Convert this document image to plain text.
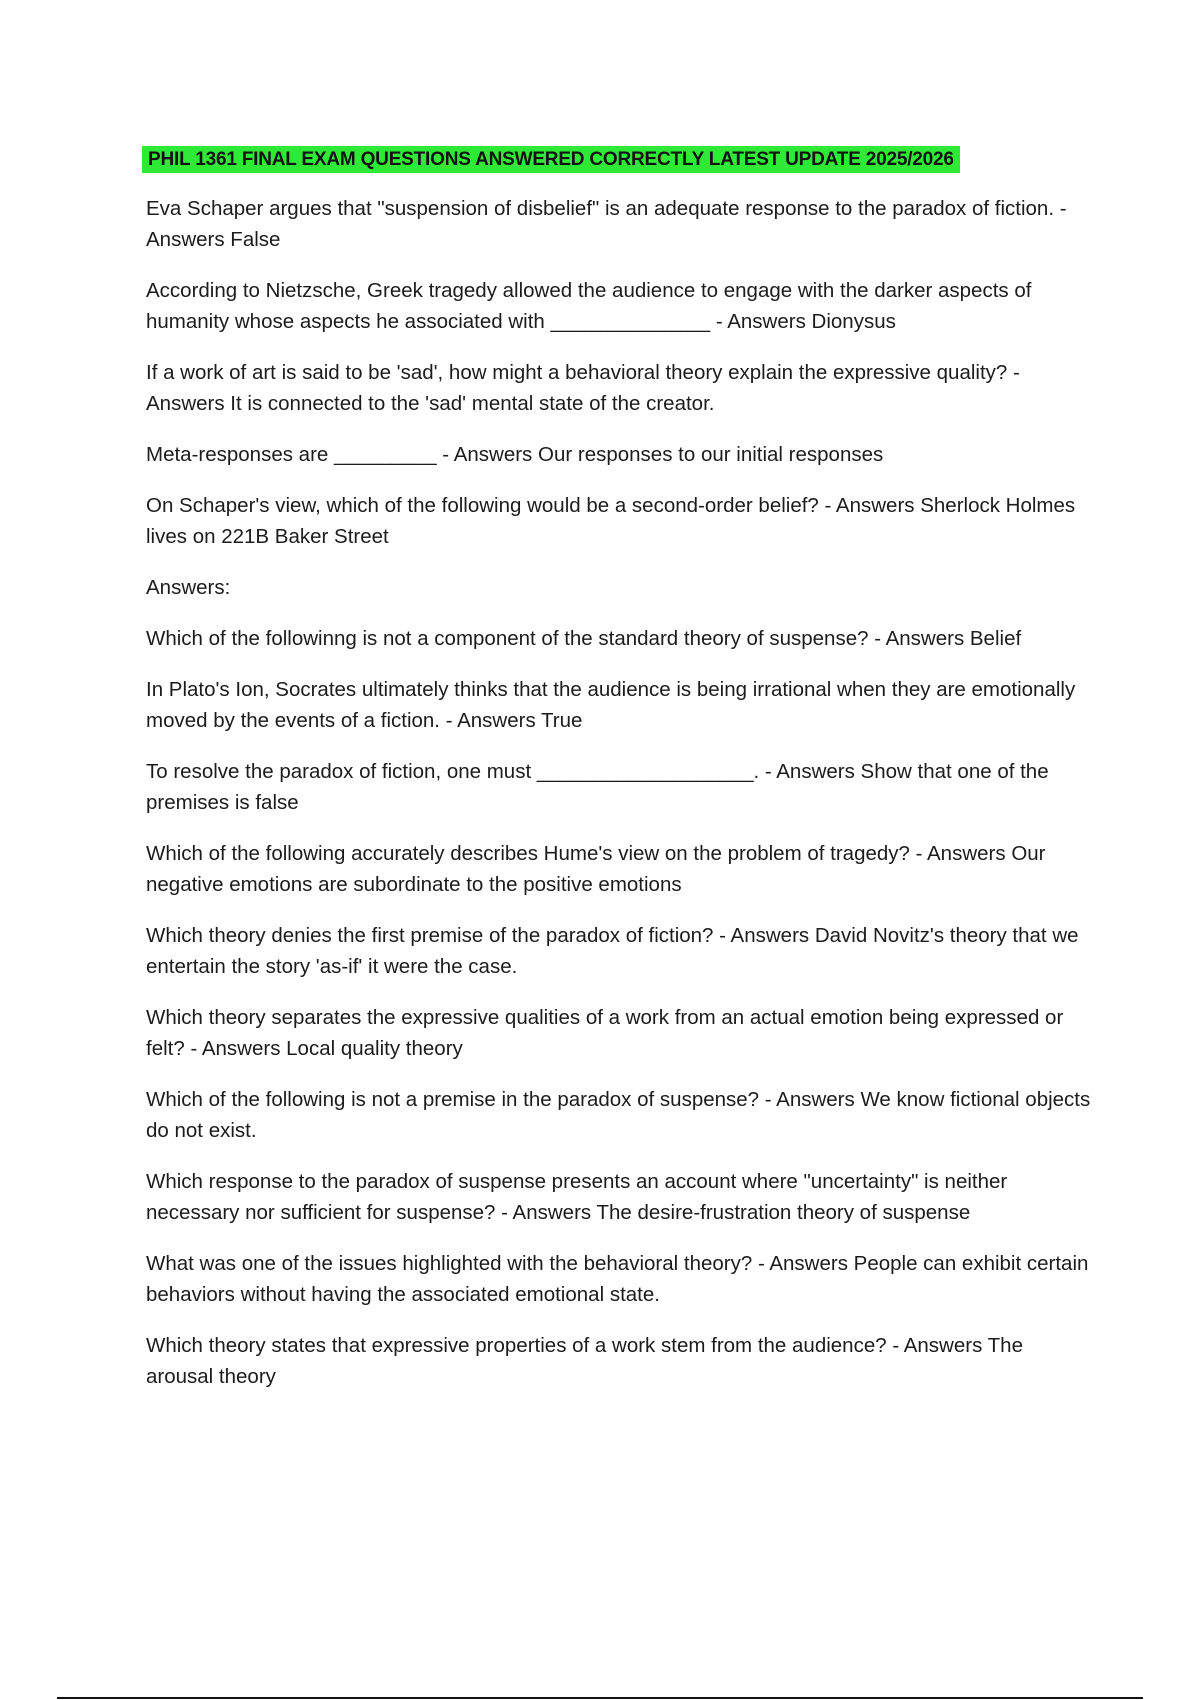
PHIL 1361 FINAL EXAM QUESTIONS ANSWERED CORRECTLY LATEST UPDATE 2025/2026

Eva Schaper argues that "suspension of disbelief" is an adequate response to the paradox of fiction. - Answers False

According to Nietzsche, Greek tragedy allowed the audience to engage with the darker aspects of humanity whose aspects he associated with ______________ - Answers Dionysus

If a work of art is said to be 'sad', how might a behavioral theory explain the expressive quality? - Answers It is connected to the 'sad' mental state of the creator.

Meta-responses are _________ - Answers Our responses to our initial responses

On Schaper's view, which of the following would be a second-order belief? - Answers Sherlock Holmes lives on 221B Baker Street

Answers:

Which of the followinng is not a component of the standard theory of suspense? - Answers Belief

In Plato's Ion, Socrates ultimately thinks that the audience is being irrational when they are emotionally moved by the events of a fiction. - Answers True

To resolve the paradox of fiction, one must ___________________. - Answers Show that one of the premises is false

Which of the following accurately describes Hume's view on the problem of tragedy? - Answers Our negative emotions are subordinate to the positive emotions

Which theory denies the first premise of the paradox of fiction? - Answers David Novitz's theory that we entertain the story 'as-if' it were the case.

Which theory separates the expressive qualities of a work from an actual emotion being expressed or felt? - Answers Local quality theory

Which of the following is not a premise in the paradox of suspense? - Answers We know fictional objects do not exist.

Which response to the paradox of suspense presents an account where "uncertainty" is neither necessary nor sufficient for suspense? - Answers The desire-frustration theory of suspense

What was one of the issues highlighted with the behavioral theory? - Answers People can exhibit certain behaviors without having the associated emotional state.

Which theory states that expressive properties of a work stem from the audience? - Answers The arousal theory
